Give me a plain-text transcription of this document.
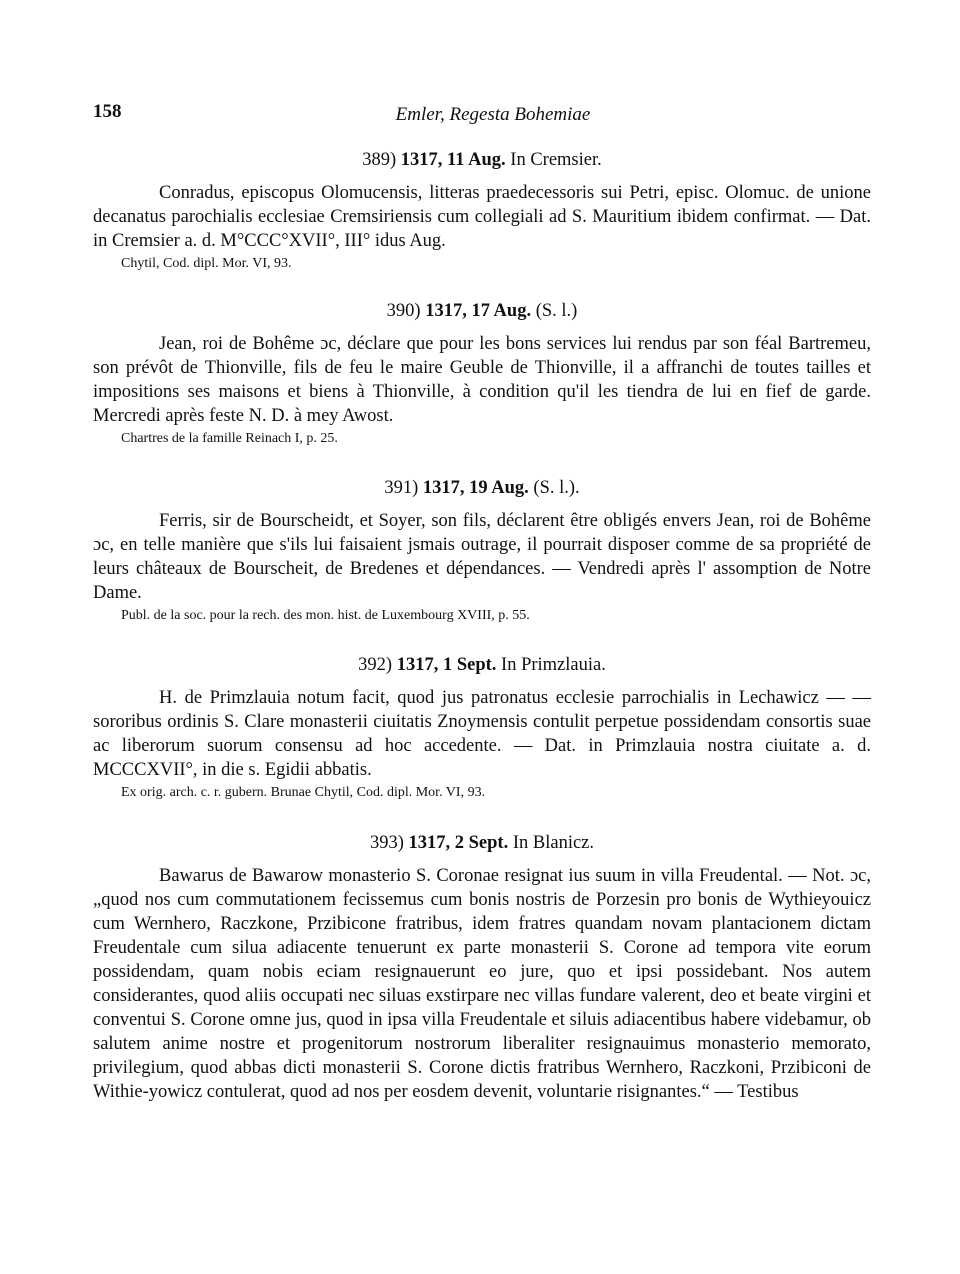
158	Emler, Regesta Bohemiae
389) 1317, 11 Aug. In Cremsier.

Conradus, episcopus Olomucensis, litteras praedecessoris sui Petri, episc. Olomuc. de unione decanatus parochialis ecclesiae Cremsiriensis cum collegiali ad S. Mauritium ibidem confirmat. — Dat. in Cremsier a. d. M°CCC°XVII°, III° idus Aug.

Chytil, Cod. dipl. Mor. VI, 93.
390) 1317, 17 Aug. (S. l.)

Jean, roi de Bohême ɔc, déclare que pour les bons services lui rendus par son féal Bartremeu, son prévôt de Thionville, fils de feu le maire Geuble de Thionville, il a affranchi de toutes tailles et impositions ses maisons et biens à Thionville, à condition qu'il les tiendra de lui en fief de garde. Mercredi après feste N. D. à mey Awost.

Chartres de la famille Reinach I, p. 25.
391) 1317, 19 Aug. (S. l.).

Ferris, sir de Bourscheidt, et Soyer, son fils, déclarent être obligés envers Jean, roi de Bohême ɔc, en telle manière que s'ils lui faisaient jsmais outrage, il pourrait disposer comme de sa propriété de leurs châteaux de Bourscheit, de Bredenes et dépendances. — Vendredi après l' assomption de Notre Dame.

Publ. de la soc. pour la rech. des mon. hist. de Luxembourg XVIII, p. 55.
392) 1317, 1 Sept. In Primzlauia.

H. de Primzlauia notum facit, quod jus patronatus ecclesie parrochialis in Lechawicz — — sororibus ordinis S. Clare monasterii ciuitatis Znoymensis contulit perpetue possidendam consortis suae ac liberorum suorum consensu ad hoc accedente. — Dat. in Primzlauia nostra ciuitate a. d. MCCCXVII°, in die s. Egidii abbatis.

Ex orig. arch. c. r. gubern. Brunae Chytil, Cod. dipl. Mor. VI, 93.
393) 1317, 2 Sept. In Blanicz.

Bawarus de Bawarow monasterio S. Coronae resignat ius suum in villa Freudental. — Not. ɔc, „quod nos cum commutationem fecissemus cum bonis nostris de Porzesin pro bonis de Wythieyouicz cum Wernhero, Raczkone, Przibicone fratribus, idem fratres quandam novam plantacionem dictam Freudentale cum silua adiacente tenuerunt ex parte monasterii S. Corone ad tempora vite eorum possidendam, quam nobis eciam resignauerunt eo jure, quo et ipsi possidebant. Nos autem considerantes, quod aliis occupati nec siluas exstirpare nec villas fundare valerent, deo et beate virgini et conventui S. Corone omne jus, quod in ipsa villa Freudentale et siluis adiacentibus habere videbamur, ob salutem anime nostre et progenitorum nostrorum liberaliter resignauimus monasterio memorato, privilegium, quod abbas dicti monasterii S. Corone dictis fratribus Wernhero, Raczkoni, Przibiconi de Withie-yowicz contulerat, quod ad nos per eosdem devenit, voluntarie risignantes.“ — Testibus
